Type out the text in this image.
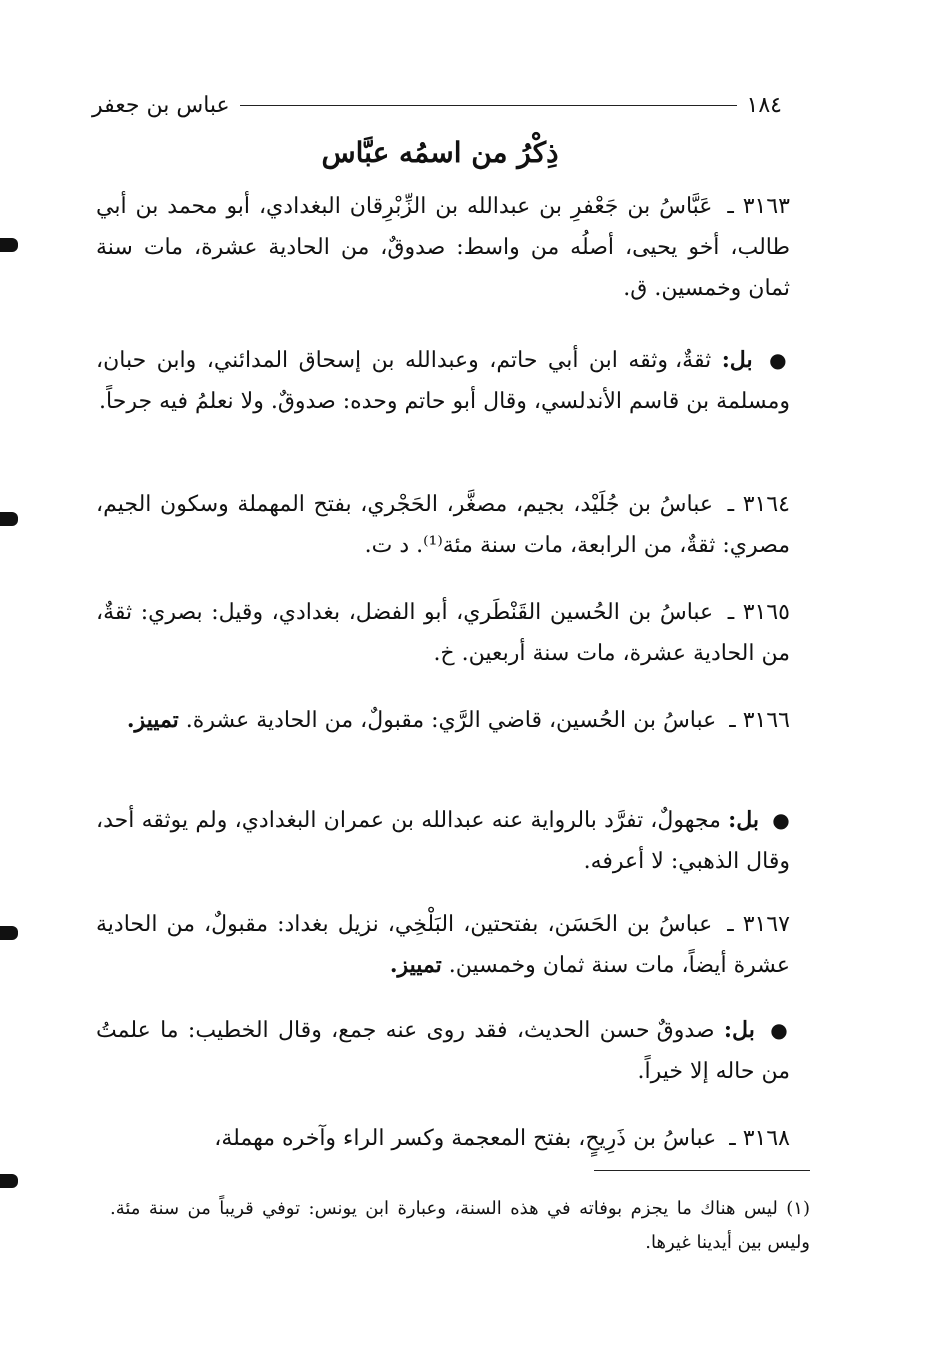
١٨٤
عباس بن جعفر
ذِكْرُ من اسمُه عبَّاس
٣١٦٣ ـ عَبَّاسُ بن جَعْفرِ بن عبدالله بن الزِّبْرِقان البغدادي، أبو محمد بن أبي طالب، أخو يحيى، أصلُه من واسط: صدوقٌ، من الحادية عشرة، مات سنة ثمان وخمسين. ق.
● بل: ثقةٌ، وثقه ابن أبي حاتم، وعبدالله بن إسحاق المدائني، وابن حبان، ومسلمة بن قاسم الأندلسي، وقال أبو حاتم وحده: صدوقٌ. ولا نعلمُ فيه جرحاً.
٣١٦٤ ـ عباسُ بن جُلَيْد، بجيم، مصغَّر، الحَجْري، بفتح المهملة وسكون الجيم، مصري: ثقةٌ، من الرابعة، مات سنة مئة⁽¹⁾. د ت.
٣١٦٥ ـ عباسُ بن الحُسين القَنْطَري، أبو الفضل، بغدادي، وقيل: بصري: ثقةٌ، من الحادية عشرة، مات سنة أربعين. خ.
٣١٦٦ ـ عباسُ بن الحُسين، قاضي الرَّي: مقبولٌ، من الحادية عشرة. تمييز.
● بل: مجهولٌ، تفرَّد بالرواية عنه عبدالله بن عمران البغدادي، ولم يوثقه أحد، وقال الذهبي: لا أعرفه.
٣١٦٧ ـ عباسُ بن الحَسَن، بفتحتين، البَلْخِي، نزيل بغداد: مقبولٌ، من الحادية عشرة أيضاً، مات سنة ثمان وخمسين. تمييز.
● بل: صدوقٌ حسن الحديث، فقد روى عنه جمع، وقال الخطيب: ما علمتُ من حاله إلا خيراً.
٣١٦٨ ـ عباسُ بن ذَرِيحٍ، بفتح المعجمة وكسر الراء وآخره مهملة،
(١) ليس هناك ما يجزم بوفاته في هذه السنة، وعبارة ابن يونس: توفي قريباً من سنة مئة. وليس بين أيدينا غيرها.
